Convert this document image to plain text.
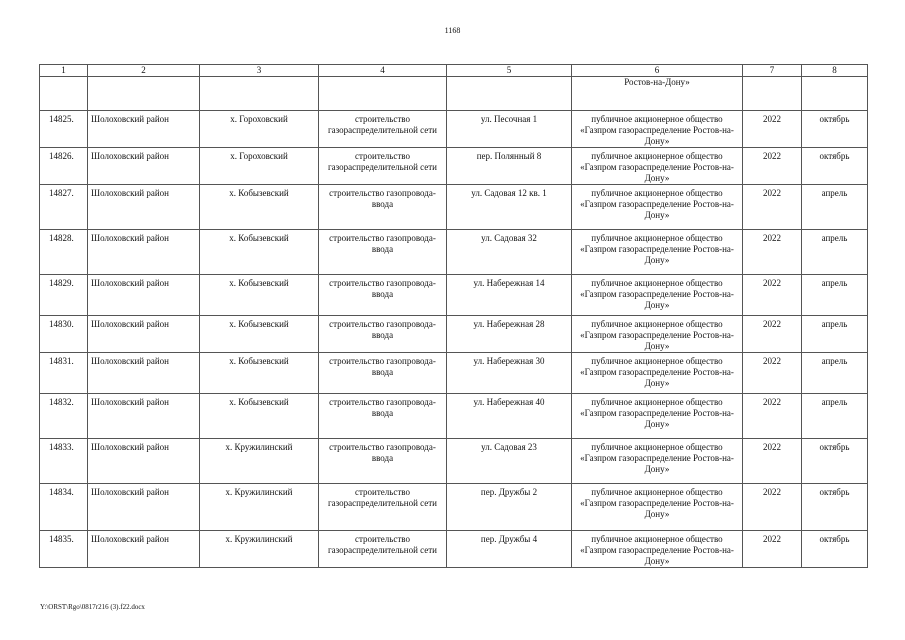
1168
1	2	3	4	5	6	7	8
					Ростов-на-Дону»		
14825.	Шолоховский район	х. Гороховский	строительство газораспределительной сети	ул. Песочная 1	публичное акционерное общество «Газпром газораспределение Ростов-на-Дону»	2022	октябрь
14826.	Шолоховский район	х. Гороховский	строительство газораспределительной сети	пер. Полянный 8	публичное акционерное общество «Газпром газораспределение Ростов-на-Дону»	2022	октябрь
14827.	Шолоховский район	х. Кобызевский	строительство газопровода-ввода	ул. Садовая 12 кв. 1	публичное акционерное общество «Газпром газораспределение Ростов-на-Дону»	2022	апрель
14828.	Шолоховский район	х. Кобызевский	строительство газопровода-ввода	ул. Садовая 32	публичное акционерное общество «Газпром газораспределение Ростов-на-Дону»	2022	апрель
14829.	Шолоховский район	х. Кобызевский	строительство газопровода-ввода	ул. Набережная 14	публичное акционерное общество «Газпром газораспределение Ростов-на-Дону»	2022	апрель
14830.	Шолоховский район	х. Кобызевский	строительство газопровода-ввода	ул. Набережная 28	публичное акционерное общество «Газпром газораспределение Ростов-на-Дону»	2022	апрель
14831.	Шолоховский район	х. Кобызевский	строительство газопровода-ввода	ул. Набережная 30	публичное акционерное общество «Газпром газораспределение Ростов-на-Дону»	2022	апрель
14832.	Шолоховский район	х. Кобызевский	строительство газопровода-ввода	ул. Набережная 40	публичное акционерное общество «Газпром газораспределение Ростов-на-Дону»	2022	апрель
14833.	Шолоховский район	х. Кружилинский	строительство газопровода-ввода	ул. Садовая 23	публичное акционерное общество «Газпром газораспределение Ростов-на-Дону»	2022	октябрь
14834.	Шолоховский район	х. Кружилинский	строительство газораспределительной сети	пер. Дружбы 2	публичное акционерное общество «Газпром газораспределение Ростов-на-Дону»	2022	октябрь
14835.	Шолоховский район	х. Кружилинский	строительство газораспределительной сети	пер. Дружбы 4	публичное акционерное общество «Газпром газораспределение Ростов-на-Дону»	2022	октябрь
Y:\ORST\Rgo\0817r216 (3).f22.docx
